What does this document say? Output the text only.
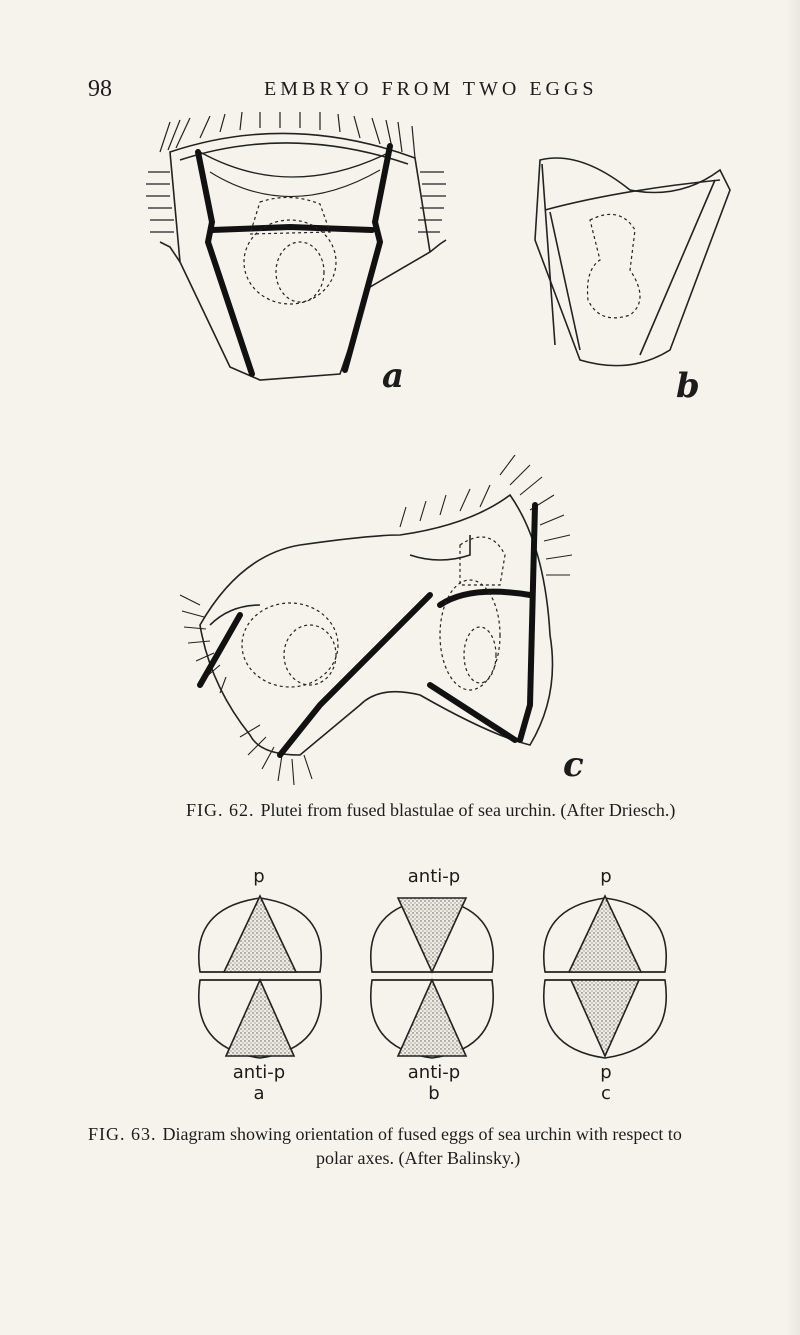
98	EMBRYO FROM TWO EGGS
a	b
c
FIG. 62. Plutei from fused blastulae of sea urchin. (After Driesch.)
p	anti-p	p
anti-p	anti-p	p
a	b	c
FIG. 63. Diagram showing orientation of fused eggs of sea urchin with respect to
polar axes. (After Balinsky.)
